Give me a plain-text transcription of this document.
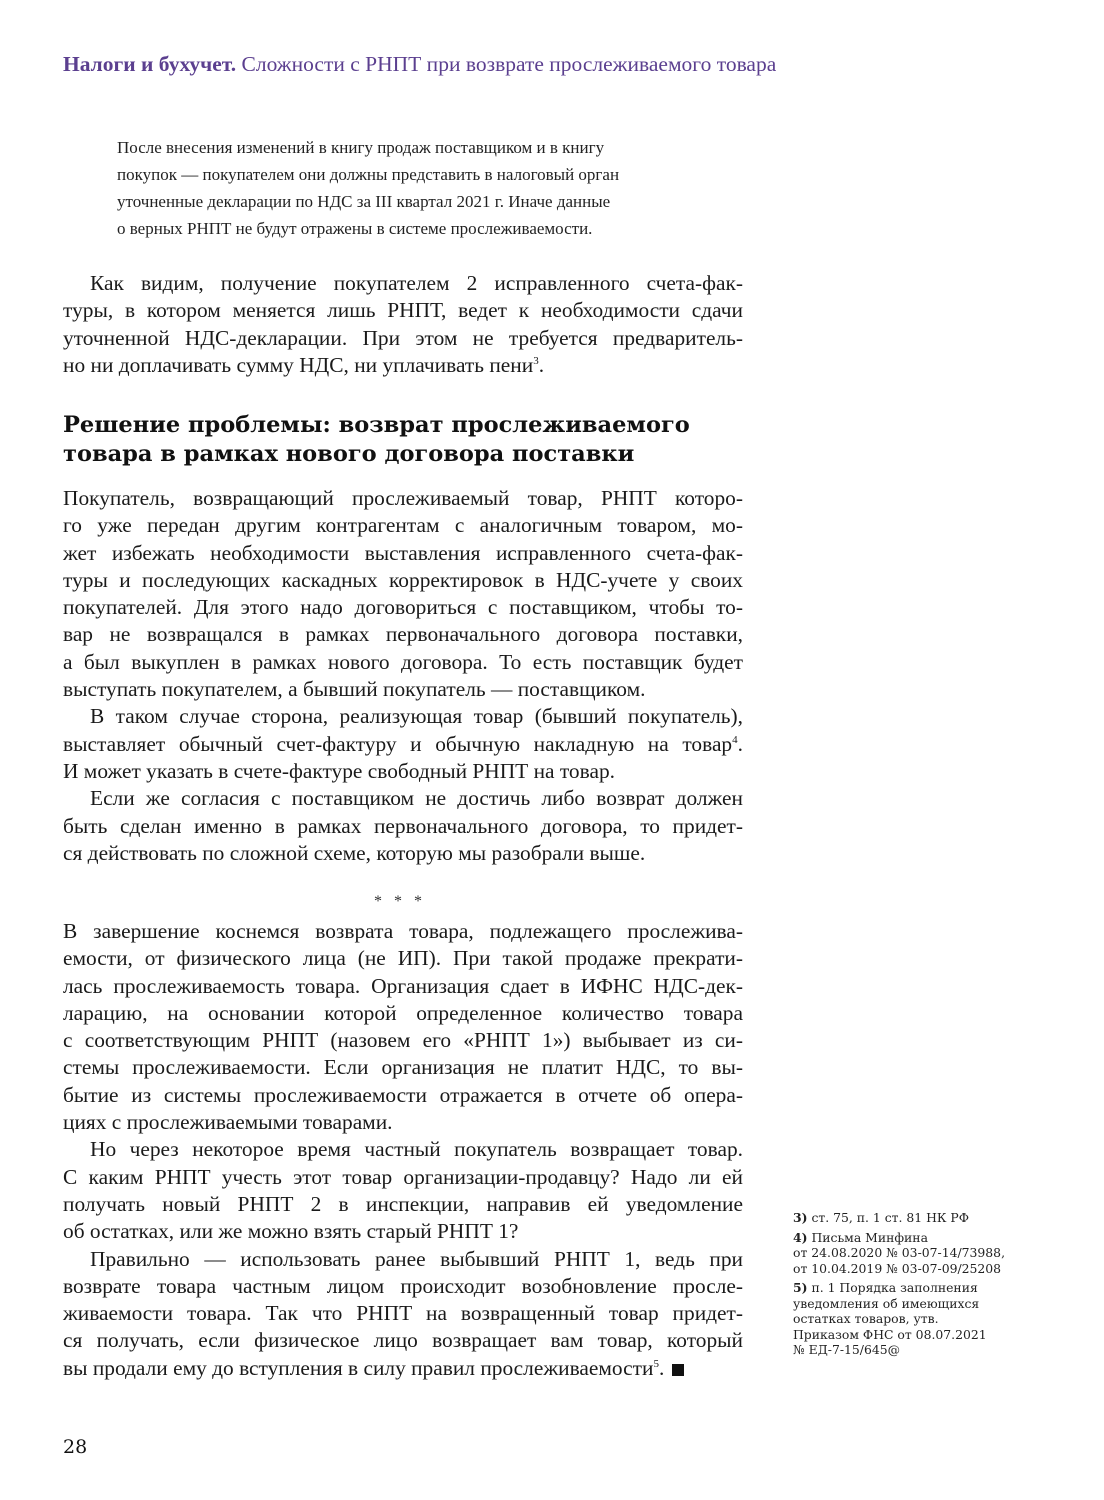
Налоги и бухучет. Сложности с РНПТ при возврате прослеживаемого товара
После внесения изменений в книгу продаж поставщиком и в книгу
покупок — покупателем они должны представить в налоговый орган
уточненные декларации по НДС за III квартал 2021 г. Иначе данные
о верных РНПТ не будут отражены в системе прослеживаемости.
Как видим, получение покупателем 2 исправленного счета-фак-
туры, в котором меняется лишь РНПТ, ведет к необходимости сдачи
уточненной НДС-декларации. При этом не требуется предваритель-
но ни доплачивать сумму НДС, ни уплачивать пени$^3$.
Решение проблемы: возврат прослеживаемого
товара в рамках нового договора поставки
Покупатель, возвращающий прослеживаемый товар, РНПТ которо-
го уже передан другим контрагентам с аналогичным товаром, мо-
жет избежать необходимости выставления исправленного счета-фак-
туры и последующих каскадных корректировок в НДС-учете у своих
покупателей. Для этого надо договориться с поставщиком, чтобы то-
вар не возвращался в рамках первоначального договора поставки,
а был выкуплен в рамках нового договора. То есть поставщик будет
выступать покупателем, а бывший покупатель — поставщиком.
В таком случае сторона, реализующая товар (бывший покупатель),
выставляет обычный счет-фактуру и обычную накладную на товар$^4$.
И может указать в счете-фактуре свободный РНПТ на товар.
Если же согласия с поставщиком не достичь либо возврат должен
быть сделан именно в рамках первоначального договора, то придет-
ся действовать по сложной схеме, которую мы разобрали выше.
* * *
В завершение коснемся возврата товара, подлежащего прослежива-
емости, от физического лица (не ИП). При такой продаже прекрати-
лась прослеживаемость товара. Организация сдает в ИФНС НДС-дек-
ларацию, на основании которой определенное количество товара
с соответствующим РНПТ (назовем его «РНПТ 1») выбывает из си-
стемы прослеживаемости. Если организация не платит НДС, то вы-
бытие из системы прослеживаемости отражается в отчете об опера-
циях с прослеживаемыми товарами.
Но через некоторое время частный покупатель возвращает товар.
С каким РНПТ учесть этот товар организации-продавцу? Надо ли ей
получать новый РНПТ 2 в инспекции, направив ей уведомление
об остатках, или же можно взять старый РНПТ 1?
Правильно — использовать ранее выбывший РНПТ 1, ведь при
возврате товара частным лицом происходит возобновление просле-
живаемости товара. Так что РНПТ на возвращенный товар придет-
ся получать, если физическое лицо возвращает вам товар, который
вы продали ему до вступления в силу правил прослеживаемости$^5$.
3) ст. 75, п. 1 ст. 81 НК РФ
4) Письма Минфина
от 24.08.2020 № 03-07-14/73988,
от 10.04.2019 № 03-07-09/25208
5) п. 1 Порядка заполнения
уведомления об имеющихся
остатках товаров, утв.
Приказом ФНС от 08.07.2021
№ ЕД-7-15/645@
28
